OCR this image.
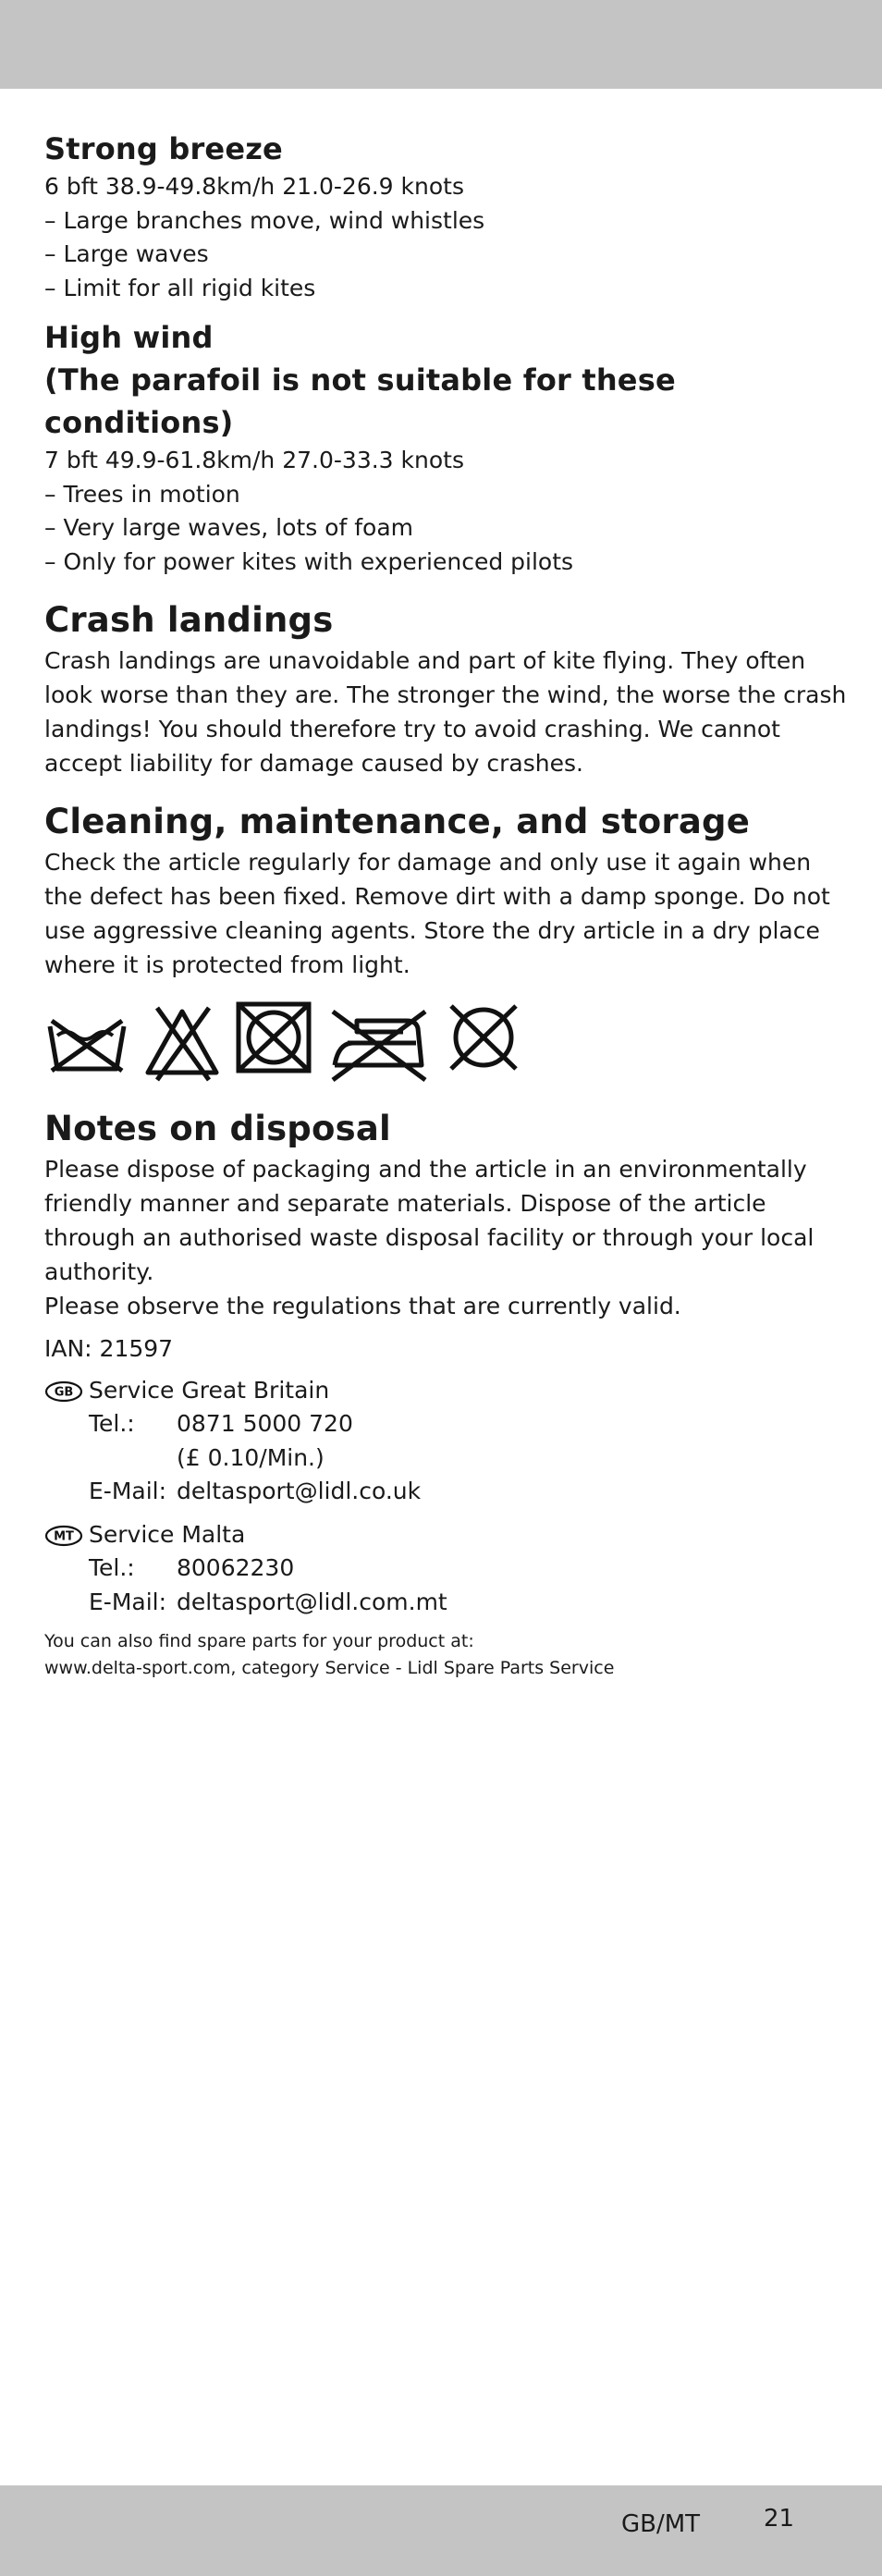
Strong breeze

6 bft 38.9-49.8km/h 21.0-26.9 knots

– Large branches move, wind whistles

– Large waves

– Limit for all rigid kites

High wind

(The parafoil is not suitable for these conditions)

7 bft 49.9-61.8km/h 27.0-33.3 knots

– Trees in motion

– Very large waves, lots of foam

– Only for power kites with experienced pilots

Crash landings

Crash landings are unavoidable and part of kite flying. They often look worse than they are. The stronger the wind, the worse the crash landings! You should therefore try to avoid crashing. We cannot accept liability for damage caused by crashes.

Cleaning, maintenance, and storage

Check the article regularly for damage and only use it again when the defect has been fixed. Remove dirt with a damp sponge. Do not use aggressive cleaning agents. Store the dry article in a dry place where it is protected from light.

Notes on disposal

Please dispose of packaging and the article in an environmentally friendly manner and separate materials. Dispose of the article through an authorised waste disposal facility or through your local authority.

Please observe the regulations that are currently valid.

IAN: 21597

GB Service Great Britain
Tel.:	0871 5000 720
(£ 0.10/Min.)
E-Mail: deltasport@lidl.co.uk
MT Service Malta
Tel.:	80062230
E-Mail: deltasport@lidl.com.mt

You can also find spare parts for your product at:

www.delta-sport.com, category Service - Lidl Spare Parts Service

GB/MT	21
